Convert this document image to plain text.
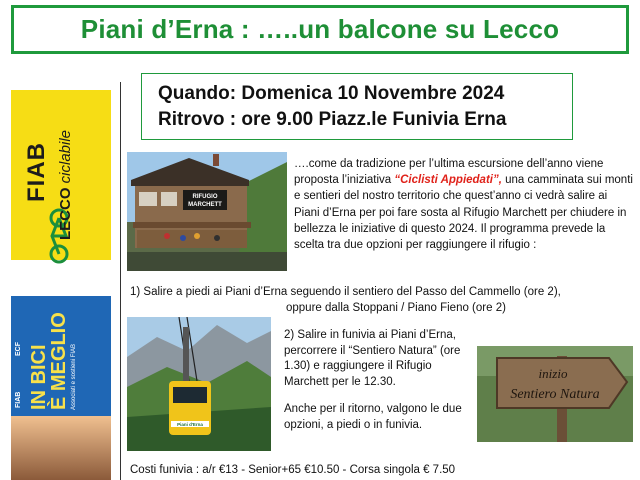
Piani d’Erna : …..un balcone su Lecco
FIAB
LECCO ciclabile
ECF
FIAB IN BICI
È MEGLIO Associati e sostieni FIAB
Quando: Domenica 10 Novembre 2024
Ritrovo : ore 9.00 Piazz.le Funivia Erna
RIFUGIO
MARCHETT
….come da tradizione per l’ultima escursione dell’anno viene proposta l’iniziativa “Ciclisti Appiedati”, una camminata sui monti e sentieri del nostro territorio che quest’anno ci vedrà salire ai Piani d’Erna per poi fare sosta al Rifugio Marchett per chiudere in bellezza le iniziative di questo 2024. Il programma prevede la scelta tra due opzioni per raggiungere il rifugio :
1) Salire a piedi ai Piani d’Erna seguendo il sentiero del Passo del Cammello (ore 2),
oppure dalla Stoppani / Piano Fieno (ore 2)
Piani d'Erna
2) Salire in funivia ai Piani d’Erna, percorrere il “Sentiero Natura” (ore 1.30) e raggiungere il Rifugio Marchett per le 12.30.
Anche per il ritorno, valgono le due opzioni, a piedi o in funivia.
inizio
Sentiero Natura
Costi funivia : a/r €13 - Senior+65 €10.50 - Corsa singola € 7.50
